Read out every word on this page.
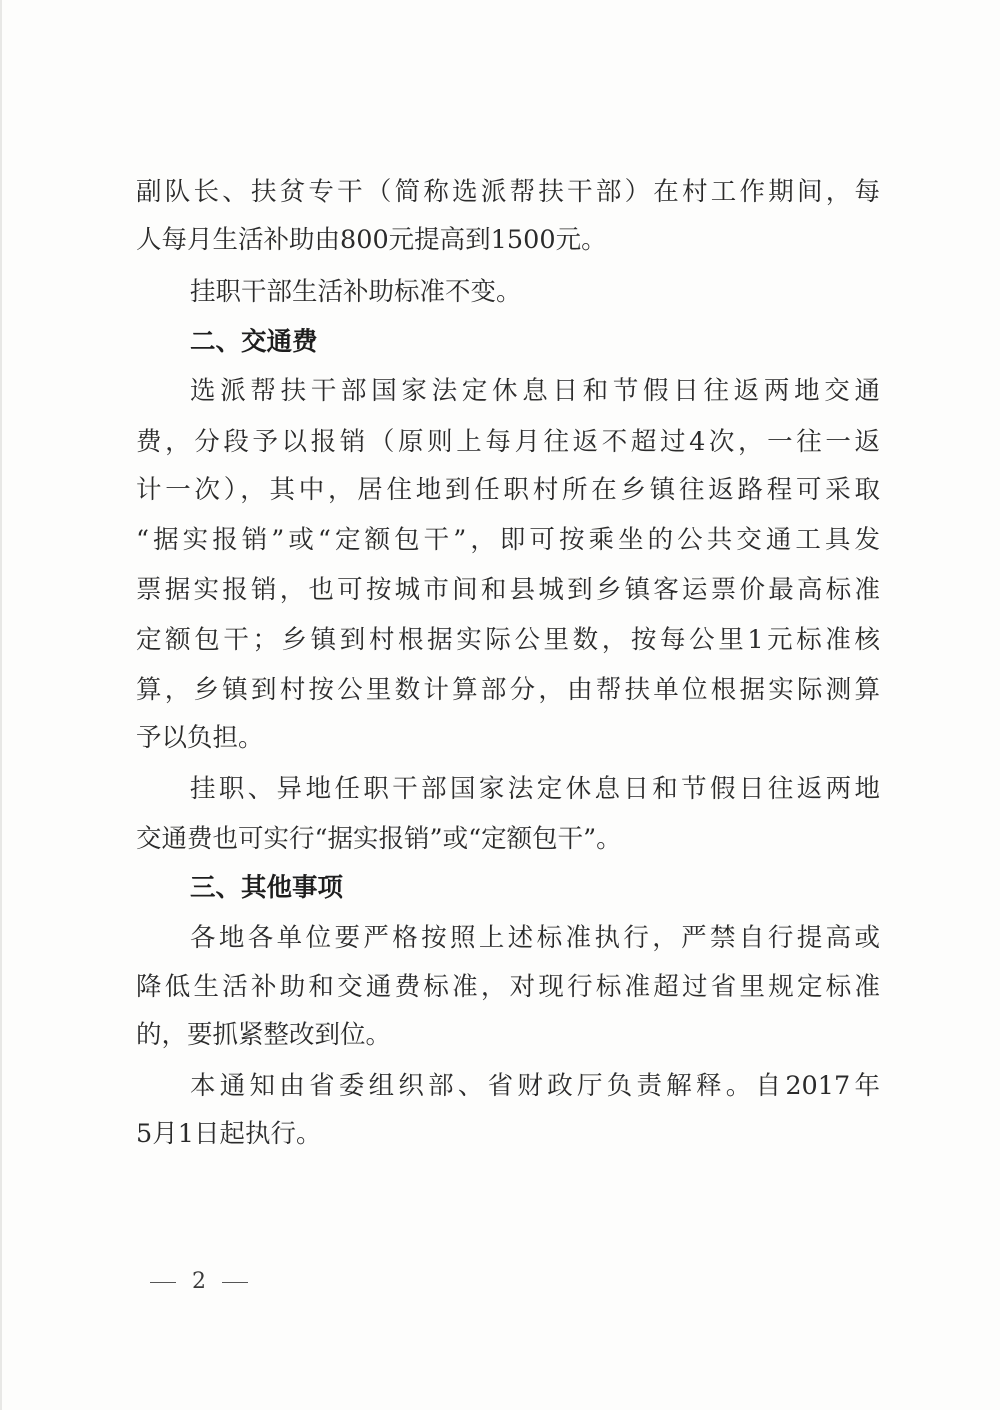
副队长、扶贫专干（简称选派帮扶干部）在村工作期间，每
人每月生活补助由800元提高到1500元。
挂职干部生活补助标准不变。
二、交通费
选派帮扶干部国家法定休息日和节假日往返两地交通
费，分段予以报销（原则上每月往返不超过4次，一往一返
计一次），其中，居住地到任职村所在乡镇往返路程可采取
“据实报销”或“定额包干”，即可按乘坐的公共交通工具发
票据实报销，也可按城市间和县城到乡镇客运票价最高标准
定额包干；乡镇到村根据实际公里数，按每公里1元标准核
算，乡镇到村按公里数计算部分，由帮扶单位根据实际测算
予以负担。
挂职、异地任职干部国家法定休息日和节假日往返两地
交通费也可实行“据实报销”或“定额包干”。
三、其他事项
各地各单位要严格按照上述标准执行，严禁自行提高或
降低生活补助和交通费标准，对现行标准超过省里规定标准
的，要抓紧整改到位。
本通知由省委组织部、省财政厅负责解释。自2017年
5月1日起执行。
2
